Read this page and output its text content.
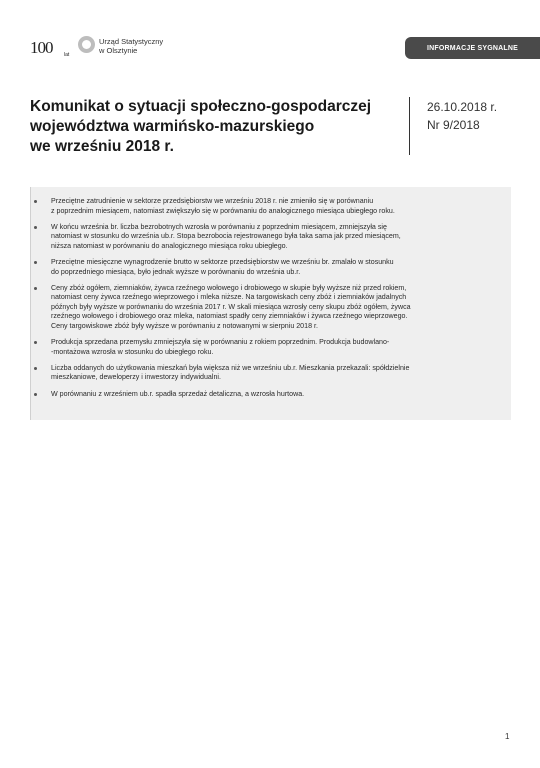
100 lat
Urząd Statystyczny
w Olsztynie	INFORMACJE SYGNALNE
Komunikat o sytuacji społeczno-gospodarczej
województwa warmińsko-mazurskiego
we wrześniu 2018 r.
26.10.2018 r.
Nr 9/2018
Przeciętne zatrudnienie w sektorze przedsiębiorstw we wrześniu 2018 r. nie zmieniło się w porównaniu
z poprzednim miesiącem, natomiast zwiększyło się w porównaniu do analogicznego miesiąca ubiegłego roku.
W końcu września br. liczba bezrobotnych wzrosła w porównaniu z poprzednim miesiącem, zmniejszyła się
natomiast w stosunku do września ub.r. Stopa bezrobocia rejestrowanego była taka sama jak przed miesiącem,
niższa natomiast w porównaniu do analogicznego miesiąca roku ubiegłego.
Przeciętne miesięczne wynagrodzenie brutto w sektorze przedsiębiorstw we wrześniu br. zmalało w stosunku
do poprzedniego miesiąca, było jednak wyższe w porównaniu do września ub.r.
Ceny zbóż ogółem, ziemniaków, żywca rzeźnego wołowego i drobiowego w skupie były wyższe niż przed rokiem,
natomiast ceny żywca rzeźnego wieprzowego i mleka niższe. Na targowiskach ceny zbóż i ziemniaków jadalnych
późnych były wyższe w porównaniu do września 2017 r. W skali miesiąca wzrosły ceny skupu zbóż ogółem, żywca
rzeźnego wołowego i drobiowego oraz mleka, natomiast spadły ceny ziemniaków i żywca rzeźnego wieprzowego.
Ceny targowiskowe zbóż były wyższe w porównaniu z notowanymi w sierpniu 2018 r.
Produkcja sprzedana przemysłu zmniejszyła się w porównaniu z rokiem poprzednim. Produkcja budowlano-
-montażowa wzrosła w stosunku do ubiegłego roku.
Liczba oddanych do użytkowania mieszkań była większa niż we wrześniu ub.r. Mieszkania przekazali: spółdzielnie
mieszkaniowe, deweloperzy i inwestorzy indywidualni.
W porównaniu z wrześniem ub.r. spadła sprzedaż detaliczna, a wzrosła hurtowa.
1
